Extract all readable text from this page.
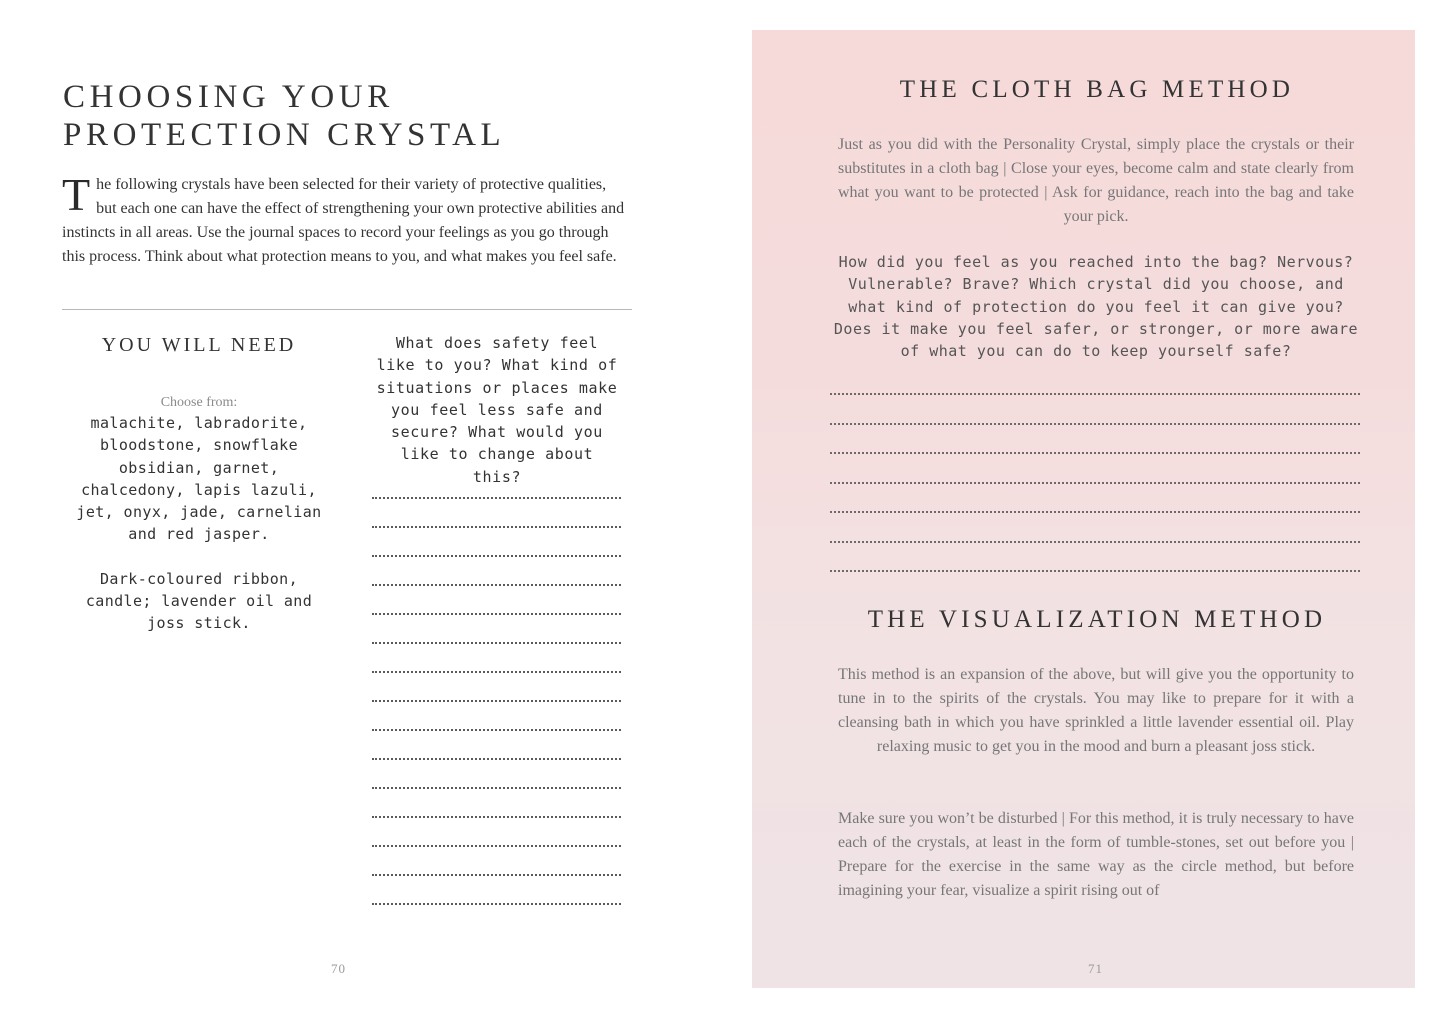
CHOOSING YOUR
PROTECTION CRYSTAL

The following crystals have been selected for their variety of protective qualities, but each one can have the effect of strengthening your own protective abilities and instincts in all areas. Use the journal spaces to record your feelings as you go through this process. Think about what protection means to you, and what makes you feel safe.

YOU WILL NEED

Choose from:

malachite, labradorite, bloodstone, snowflake obsidian, garnet, chalcedony, lapis lazuli, jet, onyx, jade, carnelian and red jasper.

Dark-coloured ribbon, candle; lavender oil and joss stick.

What does safety feel like to you? What kind of situations or places make you feel less safe and secure? What would you like to change about this?

70
THE CLOTH BAG METHOD

Just as you did with the Personality Crystal, simply place the crystals or their substitutes in a cloth bag | Close your eyes, become calm and state clearly from what you want to be protected | Ask for guidance, reach into the bag and take your pick.

How did you feel as you reached into the bag? Nervous? Vulnerable? Brave? Which crystal did you choose, and what kind of protection do you feel it can give you? Does it make you feel safer, or stronger, or more aware of what you can do to keep yourself safe?

THE VISUALIZATION METHOD

This method is an expansion of the above, but will give you the opportunity to tune in to the spirits of the crystals. You may like to prepare for it with a cleansing bath in which you have sprinkled a little lavender essential oil. Play relaxing music to get you in the mood and burn a pleasant joss stick.

Make sure you won’t be disturbed | For this method, it is truly necessary to have each of the crystals, at least in the form of tumble-stones, set out before you | Prepare for the exercise in the same way as the circle method, but before imagining your fear, visualize a spirit rising out of

71
